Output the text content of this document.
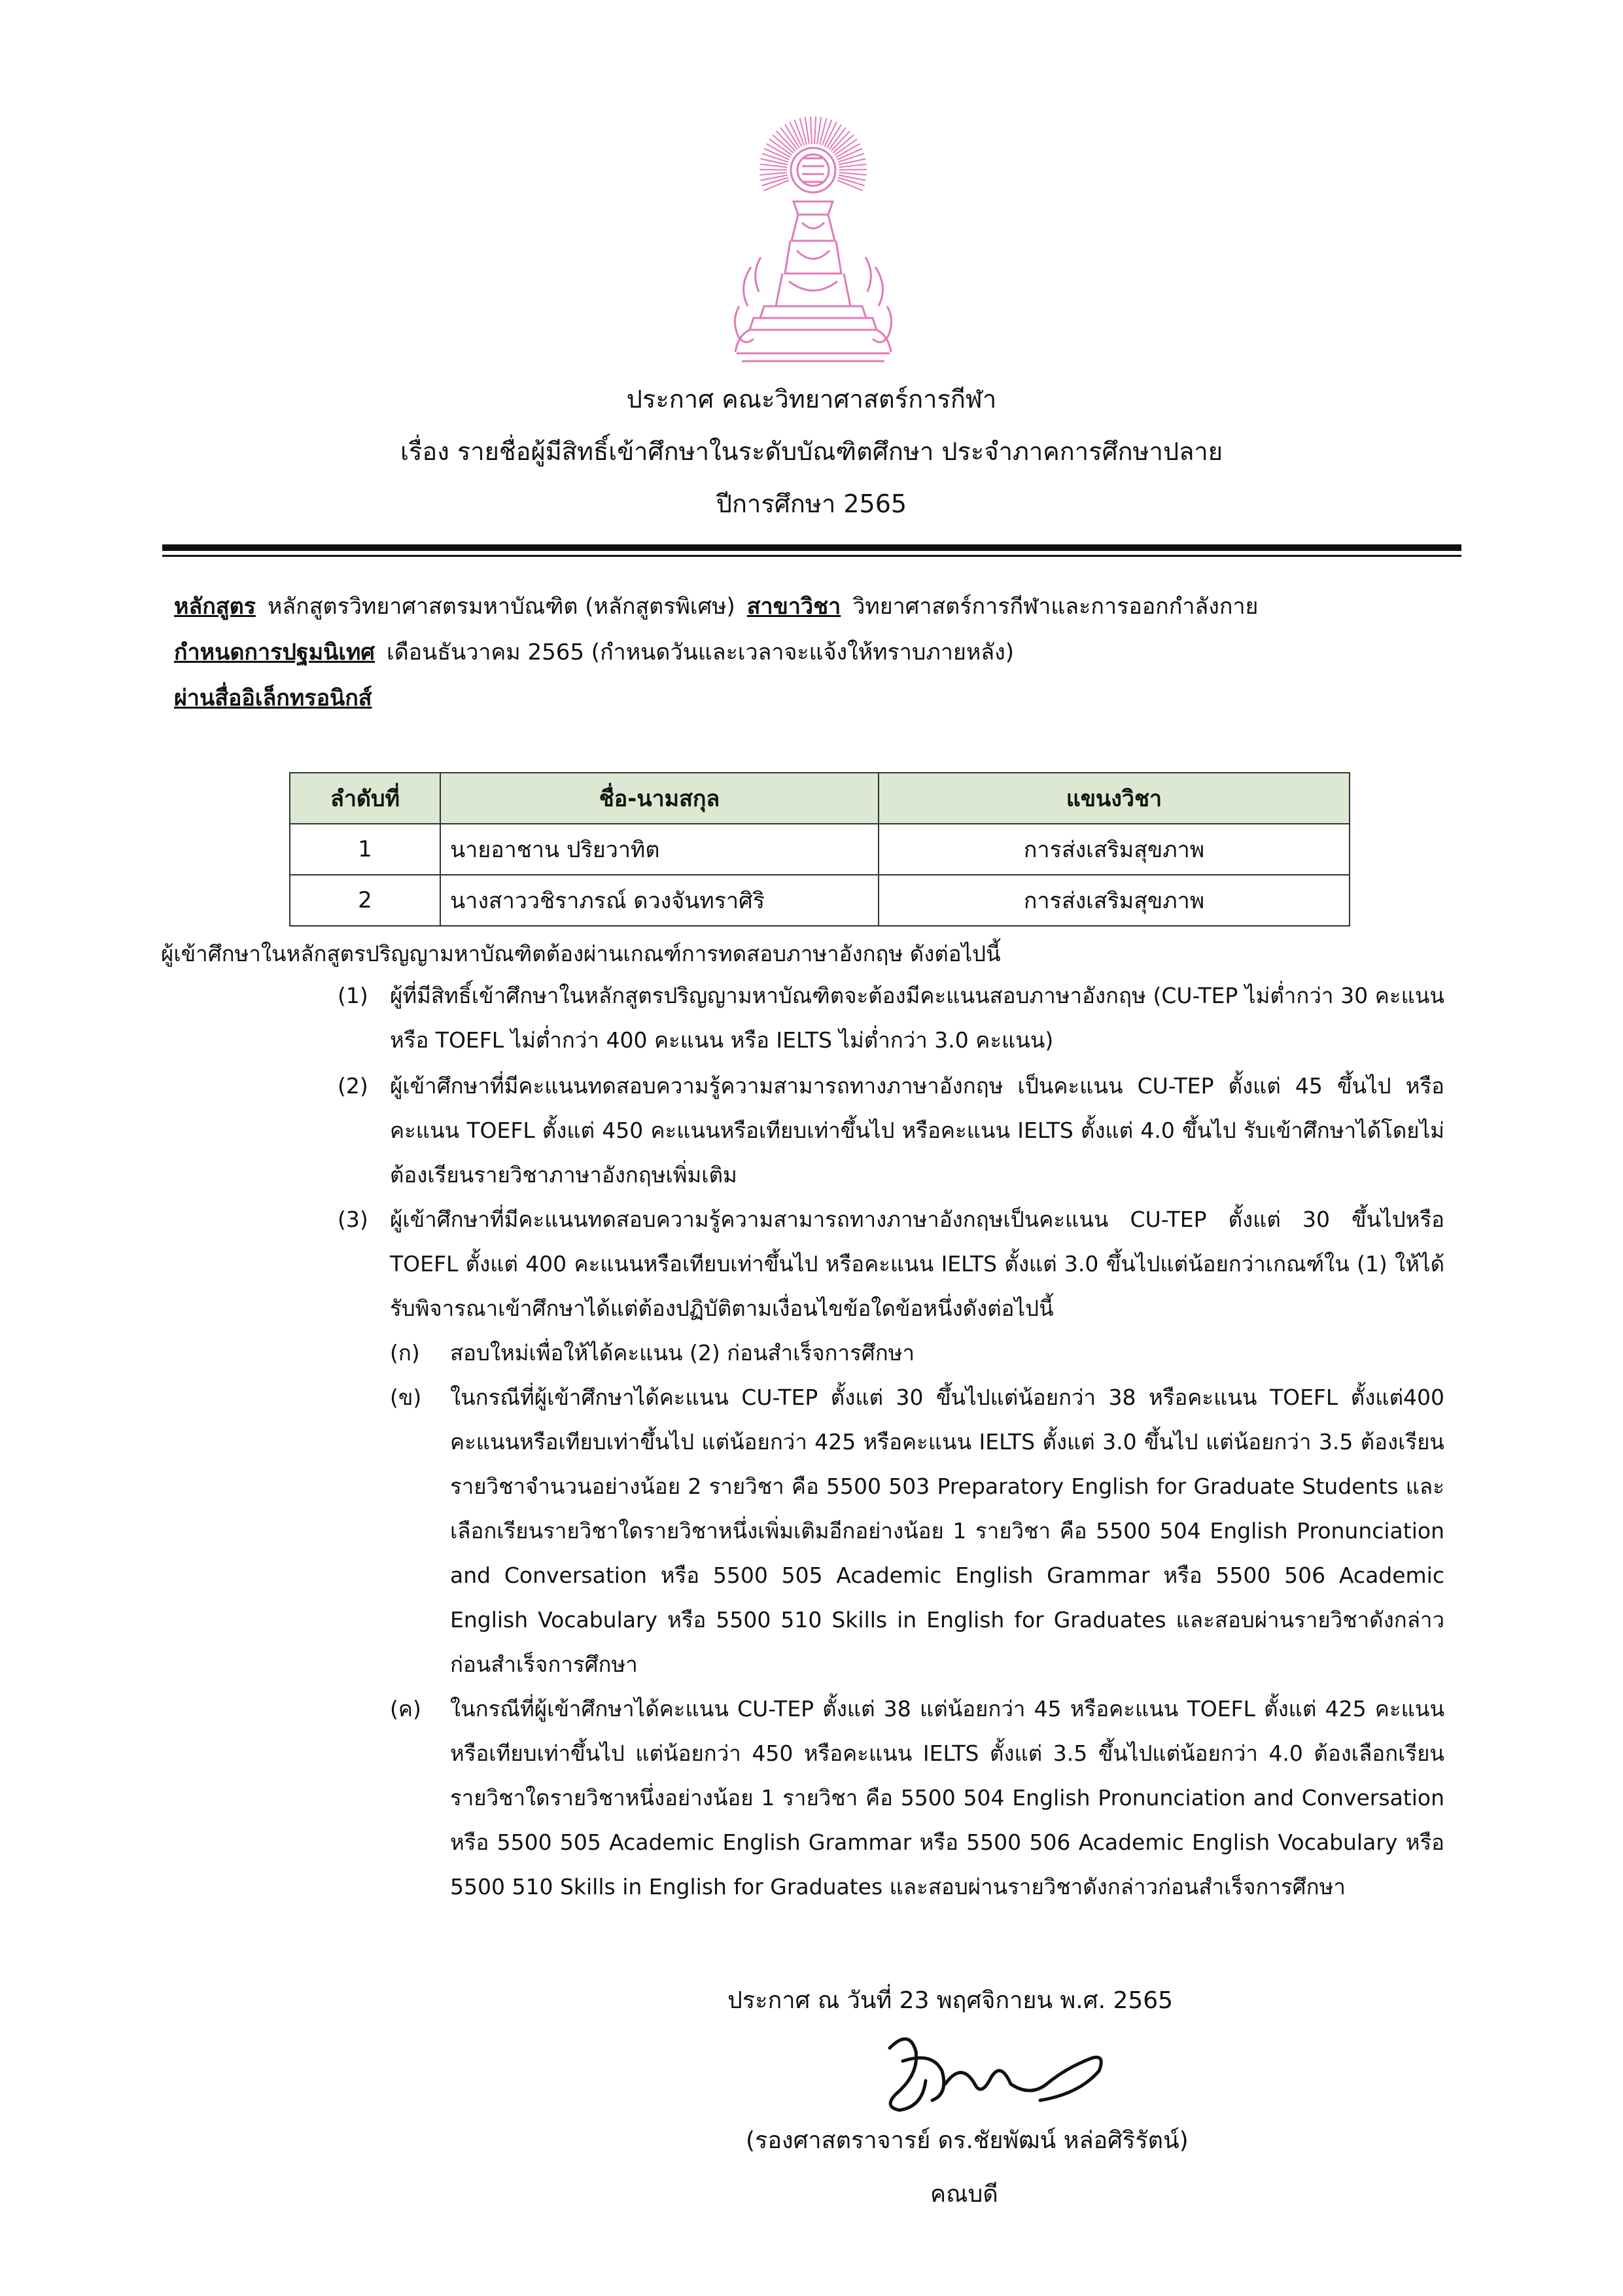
ประกาศ คณะวิทยาศาสตร์การกีฬา
เรื่อง รายชื่อผู้มีสิทธิ์เข้าศึกษาในระดับบัณฑิตศึกษา ประจำภาคการศึกษาปลาย
ปีการศึกษา 2565
หลักสูตร หลักสูตรวิทยาศาสตรมหาบัณฑิต (หลักสูตรพิเศษ) สาขาวิชา วิทยาศาสตร์การกีฬาและการออกกำลังกาย
กำหนดการปฐมนิเทศ เดือนธันวาคม 2565 (กำหนดวันและเวลาจะแจ้งให้ทราบภายหลัง)
ผ่านสื่ออิเล็กทรอนิกส์
ลำดับที่	ชื่อ-นามสกุล	แขนงวิชา
1	นายอาชาน ปริยวาทิต	การส่งเสริมสุขภาพ
2	นางสาววชิราภรณ์ ดวงจันทราศิริ	การส่งเสริมสุขภาพ
ผู้เข้าศึกษาในหลักสูตรปริญญามหาบัณฑิตต้องผ่านเกณฑ์การทดสอบภาษาอังกฤษ ดังต่อไปนี้
(1) ผู้ที่มีสิทธิ์เข้าศึกษาในหลักสูตรปริญญามหาบัณฑิตจะต้องมีคะแนนสอบภาษาอังกฤษ (CU-TEP ไม่ต่ำกว่า 30 คะแนน หรือ TOEFL ไม่ต่ำกว่า 400 คะแนน หรือ IELTS ไม่ต่ำกว่า 3.0 คะแนน)
(2) ผู้เข้าศึกษาที่มีคะแนนทดสอบความรู้ความสามารถทางภาษาอังกฤษ เป็นคะแนน CU-TEP ตั้งแต่ 45 ขึ้นไป หรือคะแนน TOEFL ตั้งแต่ 450 คะแนนหรือเทียบเท่าขึ้นไป หรือคะแนน IELTS ตั้งแต่ 4.0 ขึ้นไป รับเข้าศึกษาได้โดยไม่ต้องเรียนรายวิชาภาษาอังกฤษเพิ่มเติม
(3) ผู้เข้าศึกษาที่มีคะแนนทดสอบความรู้ความสามารถทางภาษาอังกฤษเป็นคะแนน CU-TEP ตั้งแต่ 30 ขึ้นไปหรือ TOEFL ตั้งแต่ 400 คะแนนหรือเทียบเท่าขึ้นไป หรือคะแนน IELTS ตั้งแต่ 3.0 ขึ้นไปแต่น้อยกว่าเกณฑ์ใน (1) ให้ได้รับพิจารณาเข้าศึกษาได้แต่ต้องปฏิบัติตามเงื่อนไขข้อใดข้อหนึ่งดังต่อไปนี้
(ก) สอบใหม่เพื่อให้ได้คะแนน (2) ก่อนสำเร็จการศึกษา
(ข) ในกรณีที่ผู้เข้าศึกษาได้คะแนน CU-TEP ตั้งแต่ 30 ขึ้นไปแต่น้อยกว่า 38 หรือคะแนน TOEFL ตั้งแต่400 คะแนนหรือเทียบเท่าขึ้นไป แต่น้อยกว่า 425 หรือคะแนน IELTS ตั้งแต่ 3.0 ขึ้นไป แต่น้อยกว่า 3.5 ต้องเรียนรายวิชาจำนวนอย่างน้อย 2 รายวิชา คือ 5500 503 Preparatory English for Graduate Students และเลือกเรียนรายวิชาใดรายวิชาหนึ่งเพิ่มเติมอีกอย่างน้อย 1 รายวิชา คือ 5500 504 English Pronunciation and Conversation หรือ 5500 505 Academic English Grammar หรือ 5500 506 Academic English Vocabulary หรือ 5500 510 Skills in English for Graduates และสอบผ่านรายวิชาดังกล่าวก่อนสำเร็จการศึกษา
(ค) ในกรณีที่ผู้เข้าศึกษาได้คะแนน CU-TEP ตั้งแต่ 38 แต่น้อยกว่า 45 หรือคะแนน TOEFL ตั้งแต่ 425 คะแนน หรือเทียบเท่าขึ้นไป แต่น้อยกว่า 450 หรือคะแนน IELTS ตั้งแต่ 3.5 ขึ้นไปแต่น้อยกว่า 4.0 ต้องเลือกเรียนรายวิชาใดรายวิชาหนึ่งอย่างน้อย 1 รายวิชา คือ 5500 504 English Pronunciation and Conversation หรือ 5500 505 Academic English Grammar หรือ 5500 506 Academic English Vocabulary หรือ 5500 510 Skills in English for Graduates และสอบผ่านรายวิชาดังกล่าวก่อนสำเร็จการศึกษา
ประกาศ ณ วันที่ 23 พฤศจิกายน พ.ศ. 2565
(รองศาสตราจารย์ ดร.ชัยพัฒน์ หล่อศิริรัตน์)
คณบดี
